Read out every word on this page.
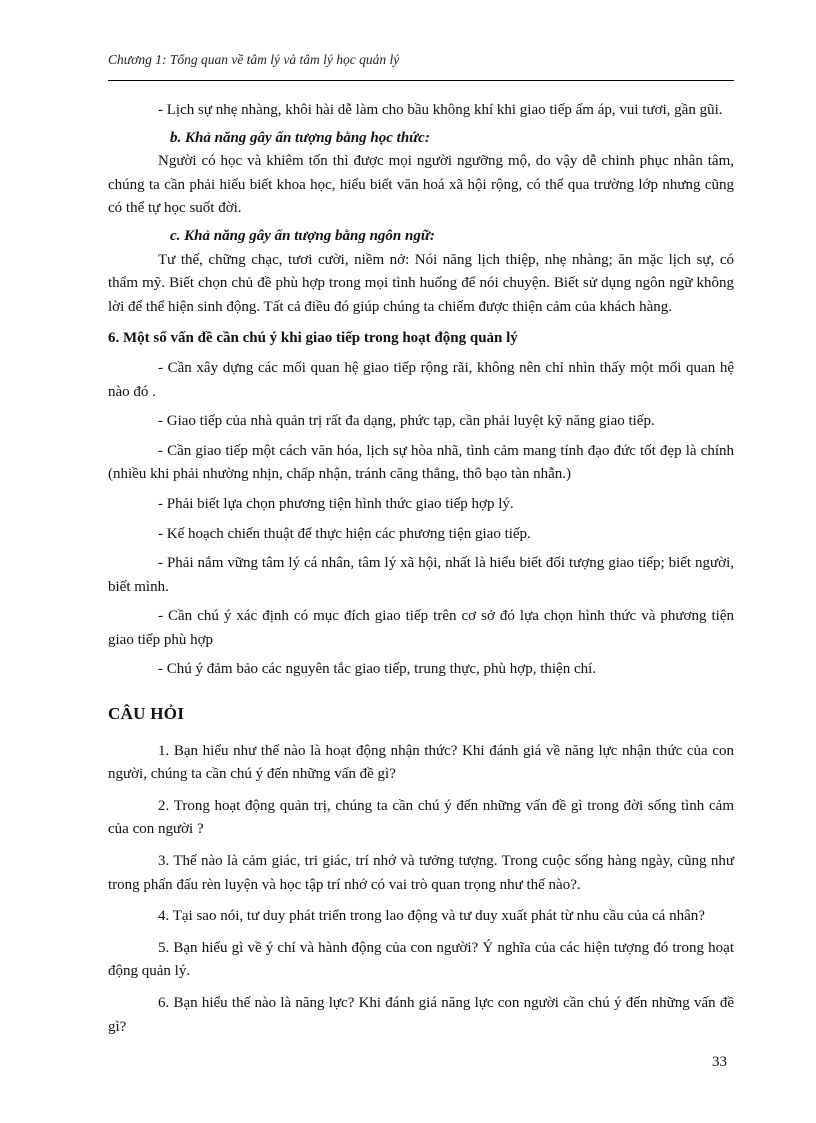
Chương 1: Tổng quan về tâm lý và tâm lý học quản lý

- Lịch sự nhẹ nhàng, khôi hài dễ làm cho bầu không khí khi giao tiếp ấm áp, vui tươi, gần gũi.

b. Khả năng gây ấn tượng bằng học thức:

Người có học và khiêm tốn thì được mọi người ngưỡng mộ, do vậy dễ chinh phục nhân tâm, chúng ta cần phải hiểu biết khoa học, hiểu biết văn hoá xã hội rộng, có thể qua trường lớp nhưng cũng có thể tự học suốt đời.

c. Khả năng gây ấn tượng bằng ngôn ngữ:

Tư thế, chững chạc, tươi cười, niềm nở: Nói năng lịch thiệp, nhẹ nhàng; ăn mặc lịch sự, có thẩm mỹ. Biết chọn chủ đề phù hợp trong mọi tình huống để nói chuyện. Biết sử dụng ngôn ngữ không lời để thể hiện sinh động. Tất cả điều đó giúp chúng ta chiếm được thiện cảm của khách hàng.

6. Một số vấn đề cần chú ý khi giao tiếp trong hoạt động quản lý

- Cần xây dựng các mối quan hệ giao tiếp rộng rãi, không nên chỉ nhìn thấy một mối quan hệ nào đó .

- Giao tiếp của nhà quản trị rất đa dạng, phức tạp, cần phải luyệt kỹ năng giao tiếp.

- Cần giao tiếp một cách văn hóa, lịch sự hòa nhã, tình cảm mang tính đạo đức tốt đẹp là chính (nhiều khi phải nhường nhịn, chấp nhận, tránh căng thẳng, thô bạo tàn nhẫn.)

- Phải biết lựa chọn phương tiện hình thức giao tiếp hợp lý.

- Kế hoạch chiến thuật để thực hiện các phương tiện giao tiếp.

- Phải nắm vững tâm lý cá nhân, tâm lý xã hội, nhất là hiểu biết đối tượng giao tiếp; biết người, biết mình.

- Cần chú ý xác định có mục đích giao tiếp trên cơ sở đó lựa chọn hình thức và phương tiện giao tiếp phù hợp

- Chú ý đảm bảo các nguyên tắc giao tiếp, trung thực, phù hợp, thiện chí.

CÂU HỎI

1. Bạn hiểu như thế nào là hoạt động nhận thức? Khi đánh giá về năng lực nhận thức của con người, chúng ta cần chú ý đến những vấn đề gì?

2. Trong hoạt động quản trị, chúng ta cần chú ý đến những vấn đề gì trong đời sống tình cảm của con người ?

3. Thế nào là cảm giác, tri giác, trí nhớ và tưởng tượng. Trong cuộc sống hàng ngày, cũng như trong phấn đấu rèn luyện và học tập trí nhớ có vai trò quan trọng như thế nào?.

4. Tại sao nói, tư duy phát triển trong lao động và tư duy xuất phát từ nhu cầu của cá nhân?

5. Bạn hiểu gì về ý chí và hành động của con người? Ý nghĩa của các hiện tượng đó trong hoạt động quản lý.

6. Bạn hiểu thế nào là năng lực? Khi đánh giá năng lực con người cần chú ý đến những vấn đề gì?

33
